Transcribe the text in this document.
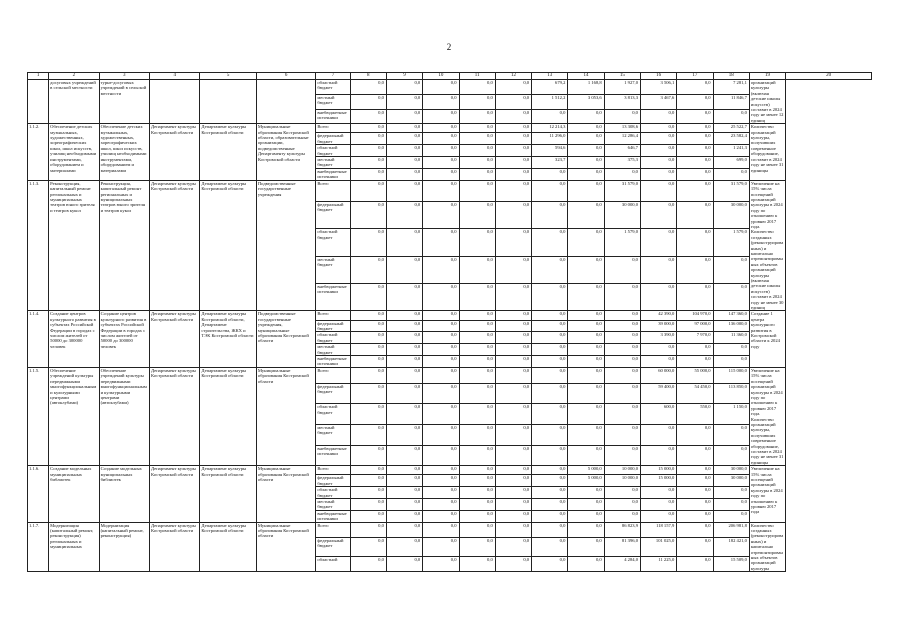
2
1	2	3	4	5	6	7	8	9	10	11	12	13	14	15	16	17	18	19	20
	досуговых учреждений в сельской местности	турне-досуговых учреждений в сельской местности				областной бюджет	0,0	0,0	0,0	0,0	0,0	679,2	1 168,8	1 927,0	3 506,1	0,0	7 281,1	организаций культуры (включая детские школы искусств) составит в 2024 году не менее 12 единиц	
						местный бюджет	0,0	0,0	0,0	0,0	0,0	1 512,2	3 053,6	3 813,3	3 467,6	0,0	11 846,7		
						внебюджетные источники	0,0	0,0	0,0	0,0	0,0	0,0	0,0	0,0	0,0	0,0	0,0		
1.1.2.	Обеспечение детских музыкальных, художественных, хореографических школ, школ искусств, училищ необходимыми инструментами, оборудованием и материалами	Обеспечение детских музыкальных, художественных, хореографических школ, школ искусств, училищ необходимыми инструментами, оборудованием и материалами	Департамент культуры Костромской области	Департамент культуры Костромской области	Муниципальные образования Костромской области, образовательные организации, подведомственные Департаменту культуры Костромской области	Всего	0,0	0,0	0,0	0,0	0,0	12 214,3	0,0	13 308,6	0,0	0,0	25 522,7	Количество организаций культуры, получивших современное оборудование, составит в 2024 году не менее 31 единицы	
						федеральный бюджет	0,0	0,0	0,0	0,0	0,0	11 296,0	0,0	12 286,4	0,0	0,0	23 582,4		
						областной бюджет	0,0	0,0	0,0	0,0	0,0	594,6	0,0	646,7	0,0	0,0	1 241,3		
						местный бюджет	0,0	0,0	0,0	0,0	0,0	323,7	0,0	375,3	0,0	0,0	699,0		
						внебюджетные источники	0,0	0,0	0,0	0,0	0,0	0,0	0,0	0,0	0,0	0,0	0,0		
1.1.3.	Реконструкция, капитальный ремонт региональных и муниципальных театров юного зрителя и театров кукол	Реконструкция, капитальный ремонт региональных и муниципальных театров юного зрителя и театров кукол	Департамент культуры Костромской области	Департамент культуры Костромской области	Подведомственные государственные учреждения	Всего	0,0	0,0	0,0	0,0	0,0	0,0	0,0	31 579,0	0,0	0,0	31 579,0	Увеличение на 15% числа посещений организаций культуры в 2024 году по отношению к уровню 2017 года. Количество созданных (реконструированных) и капитально отремонтированных объектов организаций культуры (включая детские школы искусств) составит в 2024 году не менее 30 единиц	
						федеральный бюджет	0,0	0,0	0,0	0,0	0,0	0,0	0,0	30 000,0	0,0	0,0	30 000,0		
						областной бюджет	0,0	0,0	0,0	0,0	0,0	0,0	0,0	1 579,0	0,0	0,0	1 579,0		
						местный бюджет	0,0	0,0	0,0	0,0	0,0	0,0	0,0	0,0	0,0	0,0	0,0		
						внебюджетные источники	0,0	0,0	0,0	0,0	0,0	0,0	0,0	0,0	0,0	0,0	0,0		
1.1.4.	Создание центров культурного развития в субъектах Российской Федерации в городах с числом жителей от 50000 до 300000 человек	Создание центров культурного развития в субъектах Российской Федерации в городах с числом жителей от 50000 до 300000 человек	Департамент культуры Костромской области	Департамент культуры Костромской области, Департамент строительства, ЖКХ и ТЭК Костромской области	Подведомственные государственные учреждения, муниципальные образования Костромской области	Всего	0,0	0,0	0,0	0,0	0,0	0,0	0,0	0,0	42 390,0	104 970,0	147 360,0	Создание 1 центра культурного развития в Костромской области к 2024 году	
						федеральный бюджет	0,0	0,0	0,0	0,0	0,0	0,0	0,0	0,0	39 000,0	97 000,0	136 000,0		
						областной бюджет	0,0	0,0	0,0	0,0	0,0	0,0	0,0	0,0	3 390,0	7 970,0	11 360,0		
						местный бюджет	0,0	0,0	0,0	0,0	0,0	0,0	0,0	0,0	0,0	0,0	0,0		
						внебюджетные источники	0,0	0,0	0,0	0,0	0,0	0,0	0,0	0,0	0,0	0,0	0,0		
1.1.5.	Обеспечение учреждений культуры передвижными многофункциональными культурными центрами (автоклубами)	Обеспечение учреждений культуры передвижными многофункциональными культурными центрами (автоклубами)	Департамент культуры Костромской области	Департамент культуры Костромской области	Муниципальные образования Костромской области	Всего	0,0	0,0	0,0	0,0	0,0	0,0	0,0	0,0	60 000,0	55 000,0	115 000,0	Увеличение на 15% числа посещений организаций культуры в 2024 году по отношению к уровню 2017 года. Количество организаций культуры, получивших современное оборудование, составит в 2024 году не менее 31 единицы	
						федеральный бюджет	0,0	0,0	0,0	0,0	0,0	0,0	0,0	0,0	59 400,0	54 450,0	113 850,0		
						областной бюджет	0,0	0,0	0,0	0,0	0,0	0,0	0,0	0,0	600,0	550,0	1 150,0		
						местный бюджет	0,0	0,0	0,0	0,0	0,0	0,0	0,0	0,0	0,0	0,0	0,0		
						внебюджетные источники	0,0	0,0	0,0	0,0	0,0	0,0	0,0	0,0	0,0	0,0	0,0		
1.1.6.	Создание модельных муниципальных библиотек	Создание модельных муниципальных библиотек	Департамент культуры Костромской области	Департамент культуры Костромской области	Муниципальные образования Костромской области	Всего	0,0	0,0	0,0	0,0	0,0	0,0	5 000,0	10 000,0	15 000,0	0,0	30 000,0	Увеличение на 15% числа посещений организаций культуры в 2024 году по отношению к уровню 2017 года	
						федеральный бюджет	0,0	0,0	0,0	0,0	0,0	0,0	5 000,0	10 000,0	15 000,0	0,0	30 000,0		
						областной бюджет	0,0	0,0	0,0	0,0	0,0	0,0	0,0	0,0	0,0	0,0	0,0		
						местный бюджет	0,0	0,0	0,0	0,0	0,0	0,0	0,0	0,0	0,0	0,0	0,0		
						внебюджетные источники	0,0	0,0	0,0	0,0	0,0	0,0	0,0	0,0	0,0	0,0	0,0		
1.1.7.	Модернизация (капитальный ремонт, реконструкция) региональных и муниципальных	Модернизация (капитальный ремонт, реконструкция)	Департамент культуры Костромской области	Департамент культуры Костромской области	Муниципальные образования Костромской области	Всего	0,0	0,0	0,0	0,0	0,0	0,0	0,0	86 823,9	118 157,9	0,0	206 981,8	Количество созданных (реконструированных) и капитально отремонтированных объектов организаций культуры	
						федеральный бюджет	0,0	0,0	0,0	0,0	0,0	0,0	0,0	81 396,0	101 025,0	0,0	182 421,0		
						областной	0,0	0,0	0,0	0,0	0,0	0,0	0,0	4 284,0	11 225,0	0,0	15 509,0		
